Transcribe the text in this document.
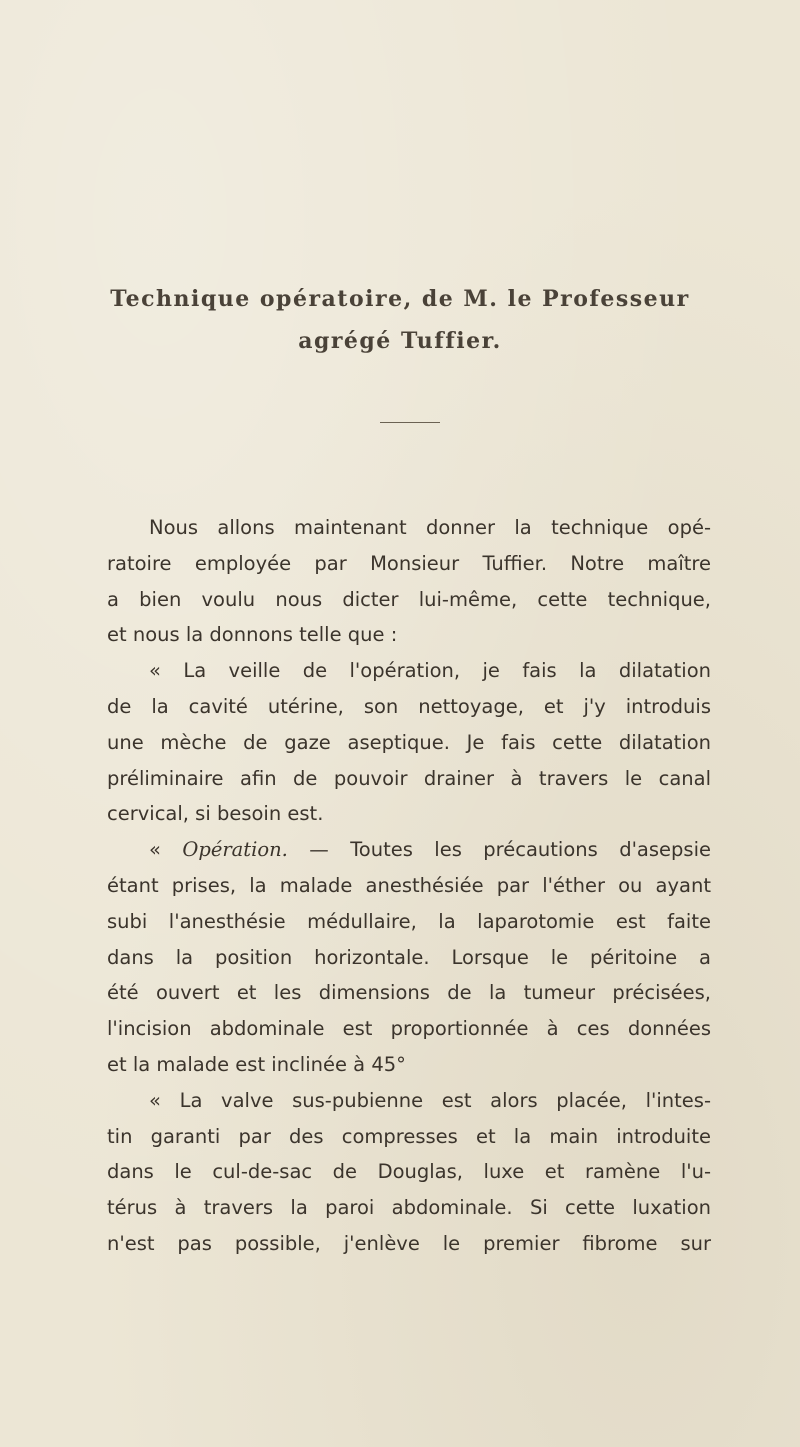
Technique opératoire, de M. le Professeur
agrégé Tuffier.
Nous allons maintenant donner la technique opé-
ratoire employée par Monsieur Tuffier. Notre maître
a bien voulu nous dicter lui-même, cette technique,
et nous la donnons telle que :
« La veille de l'opération, je fais la dilatation
de la cavité utérine, son nettoyage, et j'y introduis
une mèche de gaze aseptique. Je fais cette dilatation
préliminaire afin de pouvoir drainer à travers le canal
cervical, si besoin est.
« Opération. — Toutes les précautions d'asepsie
étant prises, la malade anesthésiée par l'éther ou ayant
subi l'anesthésie médullaire, la laparotomie est faite
dans la position horizontale. Lorsque le péritoine a
été ouvert et les dimensions de la tumeur précisées,
l'incision abdominale est proportionnée à ces données
et la malade est inclinée à 45°
« La valve sus-pubienne est alors placée, l'intes-
tin garanti par des compresses et la main introduite
dans le cul-de-sac de Douglas, luxe et ramène l'u-
térus à travers la paroi abdominale. Si cette luxation
n'est pas possible, j'enlève le premier fibrome sur
